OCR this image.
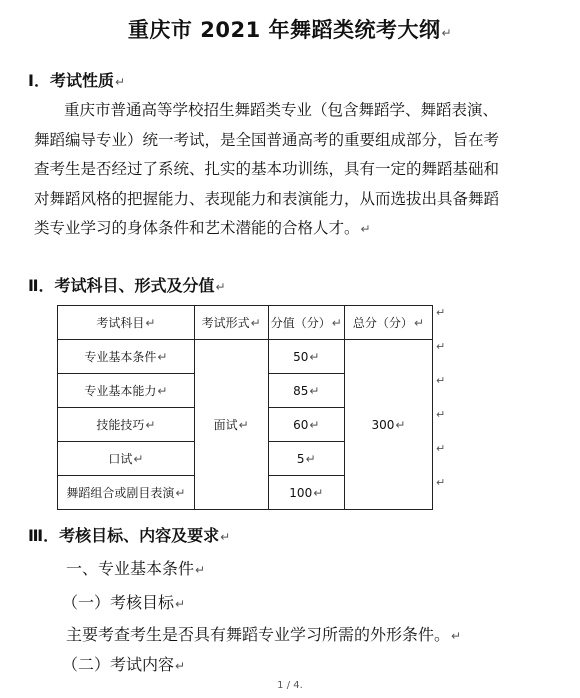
重庆市 2021 年舞蹈类统考大纲↵
Ⅰ．考试性质↵
重庆市普通高等学校招生舞蹈类专业（包含舞蹈学、舞蹈表演、
舞蹈编导专业）统一考试，是全国普通高考的重要组成部分，旨在考
查考生是否经过了系统、扎实的基本功训练，具有一定的舞蹈基础和
对舞蹈风格的把握能力、表现能力和表演能力，从而选拔出具备舞蹈
类专业学习的身体条件和艺术潜能的合格人才。↵
Ⅱ．考试科目、形式及分值↵
考试科目↵	考试形式↵	分值（分）↵	总分（分）↵
专业基本条件↵	面试↵	50↵	300↵
专业基本能力↵		85↵	
技能技巧↵		60↵	
口试↵		5↵	
舞蹈组合或剧目表演↵		100↵	
↵
↵
↵
↵
↵
↵
Ⅲ．考核目标、内容及要求↵
一、专业基本条件↵
（一）考核目标↵
主要考查考生是否具有舞蹈专业学习所需的外形条件。↵
（二）考试内容↵
1 / 4.
